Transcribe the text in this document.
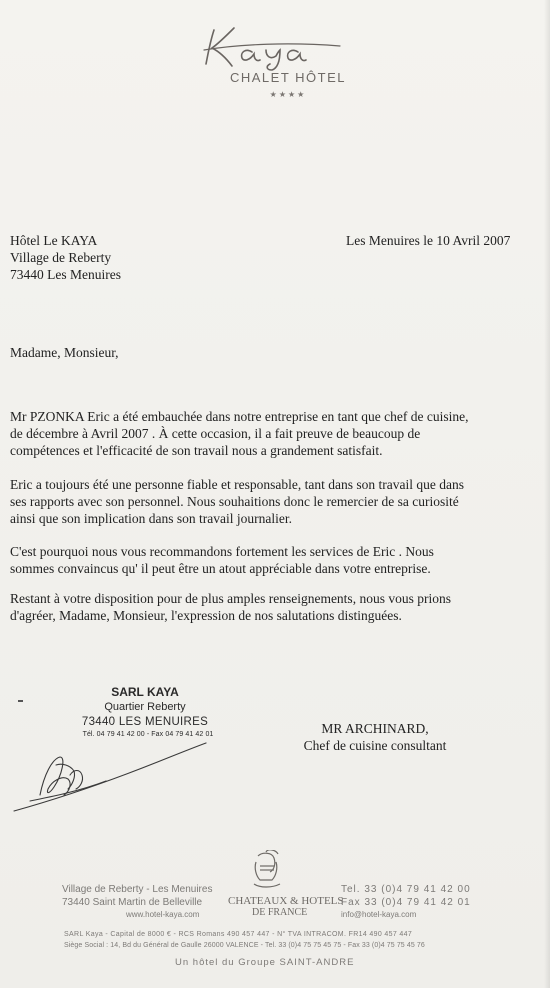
CHALET HÔTEL
★★★★
Hôtel Le KAYA
Village de Reberty
73440 Les Menuires
Les Menuires le 10 Avril 2007
Madame, Monsieur,
Mr PZONKA Eric a été embauchée dans notre entreprise en tant que chef de cuisine,
de décembre à Avril 2007 . À cette occasion, il a fait preuve de beaucoup de
compétences et l'efficacité de son travail nous a grandement satisfait.
Eric a toujours été une personne fiable et responsable, tant dans son travail que dans
ses rapports avec son personnel. Nous souhaitions donc le remercier de sa curiosité
ainsi que son implication dans son travail journalier.
C'est pourquoi nous vous recommandons fortement les services de Eric . Nous
sommes convaincus qu' il peut être un atout appréciable dans votre entreprise.
Restant à votre disposition pour de plus amples renseignements, nous vous prions
d'agréer, Madame, Monsieur, l'expression de nos salutations distinguées.
SARL KAYA
Quartier Reberty
73440 LES MENUIRES
Tél. 04 79 41 42 00 - Fax 04 79 41 42 01	MR ARCHINARD,
Chef de cuisine consultant
Village de Reberty - Les Menuires
73440 Saint Martin de Belleville
www.hotel-kaya.com
CHATEAUX & HOTELS
DE FRANCE
Tel. 33 (0)4 79 41 42 00
Fax 33 (0)4 79 41 42 01
info@hotel-kaya.com
SARL Kaya - Capital de 8000 € - RCS Romans 490 457 447 - N° TVA INTRACOM. FR14 490 457 447
Siège Social : 14, Bd du Général de Gaulle 26000 VALENCE - Tel. 33 (0)4 75 75 45 75 - Fax 33 (0)4 75 75 45 76
Un hôtel du Groupe SAINT-ANDRE
